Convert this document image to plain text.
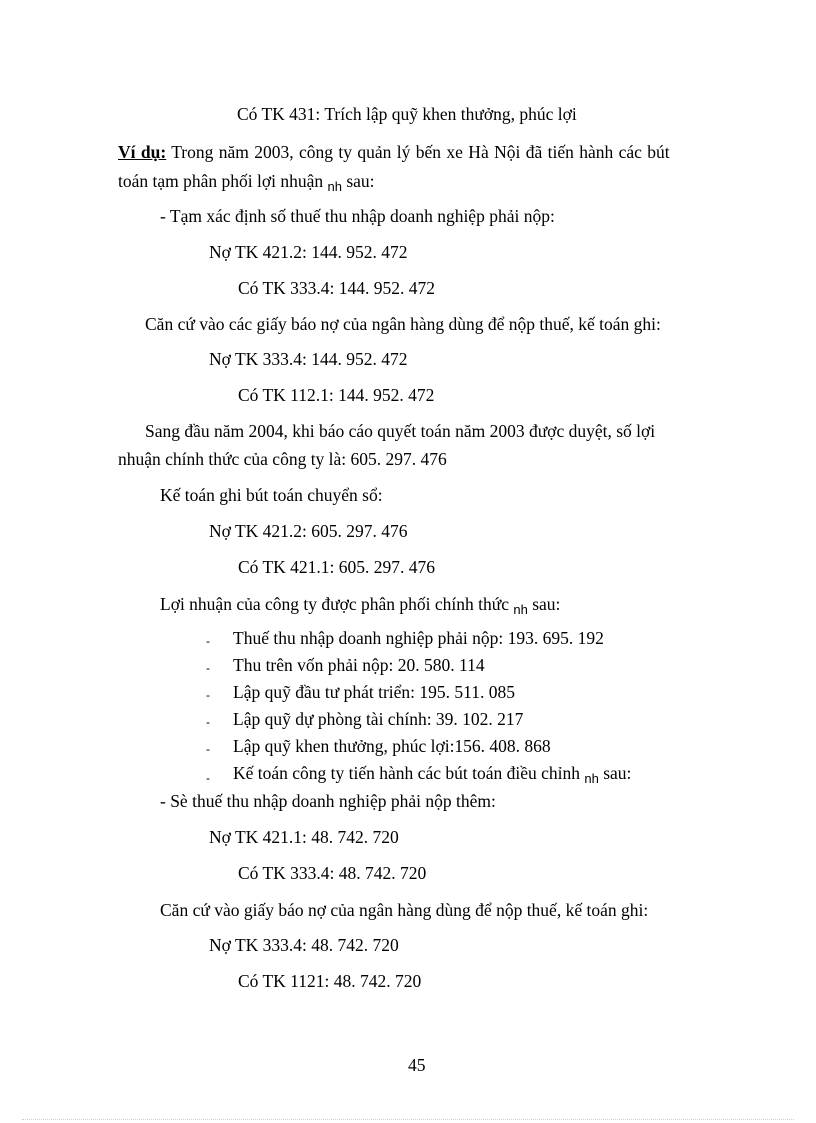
Có TK 431: Trích lập quỹ khen thưởng, phúc lợi
Ví dụ: Trong năm 2003, công ty quản lý bến xe Hà Nội đã tiến hành các bút
toán tạm phân phối lợi nhuận $_{nh}$ sau:
- Tạm xác định số thuế thu nhập doanh nghiệp phải nộp:
Nợ TK 421.2: 144. 952. 472
Có TK 333.4: 144. 952. 472
Căn cứ vào các giấy báo nợ của ngân hàng dùng để nộp thuế, kế toán ghi:
Nợ TK 333.4: 144. 952. 472
Có TK 112.1: 144. 952. 472
Sang đầu năm 2004, khi báo cáo quyết toán năm 2003 được duyệt, số lợi
nhuận chính thức của công ty là: 605. 297. 476
Kế toán ghi bút toán chuyển sổ:
Nợ TK 421.2: 605. 297. 476
Có TK 421.1: 605. 297. 476
Lợi nhuận của công ty được phân phối chính thức $_{nh}$ sau:
- Thuế thu nhập doanh nghiệp phải nộp: 193. 695. 192
- Thu trên vốn phải nộp: 20. 580. 114
- Lập quỹ đầu tư phát triển: 195. 511. 085
- Lập quỹ dự phòng tài chính: 39. 102. 217
- Lập quỹ khen thưởng, phúc lợi:156. 408. 868
- Kế toán công ty tiến hành các bút toán điều chỉnh $_{nh}$ sau:
- Sè thuế thu nhập doanh nghiệp phải nộp thêm:
Nợ TK 421.1: 48. 742. 720
Có TK 333.4: 48. 742. 720
Căn cứ vào giấy báo nợ của ngân hàng dùng để nộp thuế, kế toán ghi:
Nợ TK 333.4: 48. 742. 720
Có TK 1121: 48. 742. 720
45
